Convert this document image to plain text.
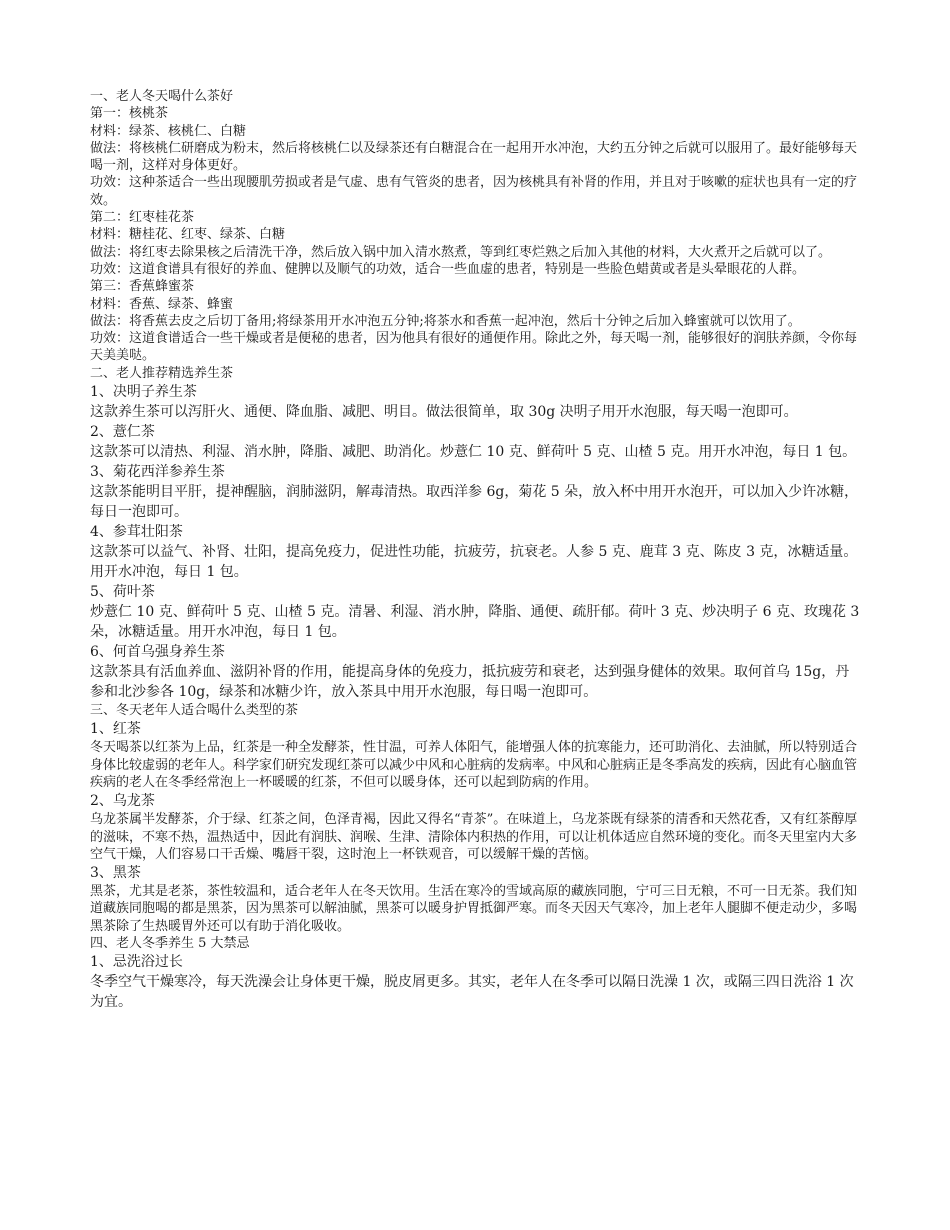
一、老人冬天喝什么茶好

第一：核桃茶

材料：绿茶、核桃仁、白糖

做法：将核桃仁研磨成为粉末，然后将核桃仁以及绿茶还有白糖混合在一起用开水冲泡，大约五分钟之后就可以服用了。最好能够每天喝一剂，这样对身体更好。

功效：这种茶适合一些出现腰肌劳损或者是气虚、患有气管炎的患者，因为核桃具有补肾的作用，并且对于咳嗽的症状也具有一定的疗效。

第二：红枣桂花茶

材料：糖桂花、红枣、绿茶、白糖

做法：将红枣去除果核之后清洗干净，然后放入锅中加入清水熬煮，等到红枣烂熟之后加入其他的材料，大火煮开之后就可以了。

功效：这道食谱具有很好的养血、健脾以及顺气的功效，适合一些血虚的患者，特别是一些脸色蜡黄或者是头晕眼花的人群。

第三：香蕉蜂蜜茶

材料：香蕉、绿茶、蜂蜜

做法：将香蕉去皮之后切丁备用;将绿茶用开水冲泡五分钟;将茶水和香蕉一起冲泡，然后十分钟之后加入蜂蜜就可以饮用了。

功效：这道食谱适合一些干燥或者是便秘的患者，因为他具有很好的通便作用。除此之外，每天喝一剂，能够很好的润肤养颜，令你每天美美哒。

二、老人推荐精选养生茶

1、决明子养生茶

这款养生茶可以泻肝火、通便、降血脂、减肥、明目。做法很简单，取 30g 决明子用开水泡服，每天喝一泡即可。

2、薏仁茶

这款茶可以清热、利湿、消水肿，降脂、减肥、助消化。炒薏仁 10 克、鲜荷叶 5 克、山楂 5 克。用开水冲泡，每日 1 包。

3、菊花西洋参养生茶

这款茶能明目平肝，提神醒脑，润肺滋阴，解毒清热。取西洋参 6g，菊花 5 朵，放入杯中用开水泡开，可以加入少许冰糖，每日一泡即可。

4、参茸壮阳茶

这款茶可以益气、补肾、壮阳，提高免疫力，促进性功能，抗疲劳，抗衰老。人参 5 克、鹿茸 3 克、陈皮 3 克，冰糖适量。用开水冲泡，每日 1 包。

5、荷叶茶

炒薏仁 10 克、鲜荷叶 5 克、山楂 5 克。清暑、利湿、消水肿，降脂、通便、疏肝郁。荷叶 3 克、炒决明子 6 克、玫瑰花 3 朵，冰糖适量。用开水冲泡，每日 1 包。

6、何首乌强身养生茶

这款茶具有活血养血、滋阴补肾的作用，能提高身体的免疫力，抵抗疲劳和衰老，达到强身健体的效果。取何首乌 15g，丹参和北沙参各 10g，绿茶和冰糖少许，放入茶具中用开水泡服，每日喝一泡即可。

三、冬天老年人适合喝什么类型的茶

1、红茶

冬天喝茶以红茶为上品，红茶是一种全发酵茶，性甘温，可养人体阳气，能增强人体的抗寒能力，还可助消化、去油腻，所以特别适合身体比较虚弱的老年人。科学家们研究发现红茶可以减少中风和心脏病的发病率。中风和心脏病正是冬季高发的疾病，因此有心脑血管疾病的老人在冬季经常泡上一杯暖暖的红茶，不但可以暖身体，还可以起到防病的作用。

2、乌龙茶

乌龙茶属半发酵茶，介于绿、红茶之间，色泽青褐，因此又得名“青茶”。在味道上，乌龙茶既有绿茶的清香和天然花香，又有红茶醇厚的滋味，不寒不热，温热适中，因此有润肤、润喉、生津、清除体内积热的作用，可以让机体适应自然环境的变化。而冬天里室内大多空气干燥，人们容易口干舌燥、嘴唇干裂，这时泡上一杯铁观音，可以缓解干燥的苦恼。

3、黑茶

黑茶，尤其是老茶，茶性较温和，适合老年人在冬天饮用。生活在寒冷的雪域高原的藏族同胞，宁可三日无粮，不可一日无茶。我们知道藏族同胞喝的都是黑茶，因为黑茶可以解油腻，黑茶可以暖身护胃抵御严寒。而冬天因天气寒冷，加上老年人腿脚不便走动少，多喝黑茶除了生热暖胃外还可以有助于消化吸收。

四、老人冬季养生 5 大禁忌

1、忌洗浴过长

冬季空气干燥寒冷，每天洗澡会让身体更干燥，脱皮屑更多。其实，老年人在冬季可以隔日洗澡 1 次，或隔三四日洗浴 1 次为宜。
